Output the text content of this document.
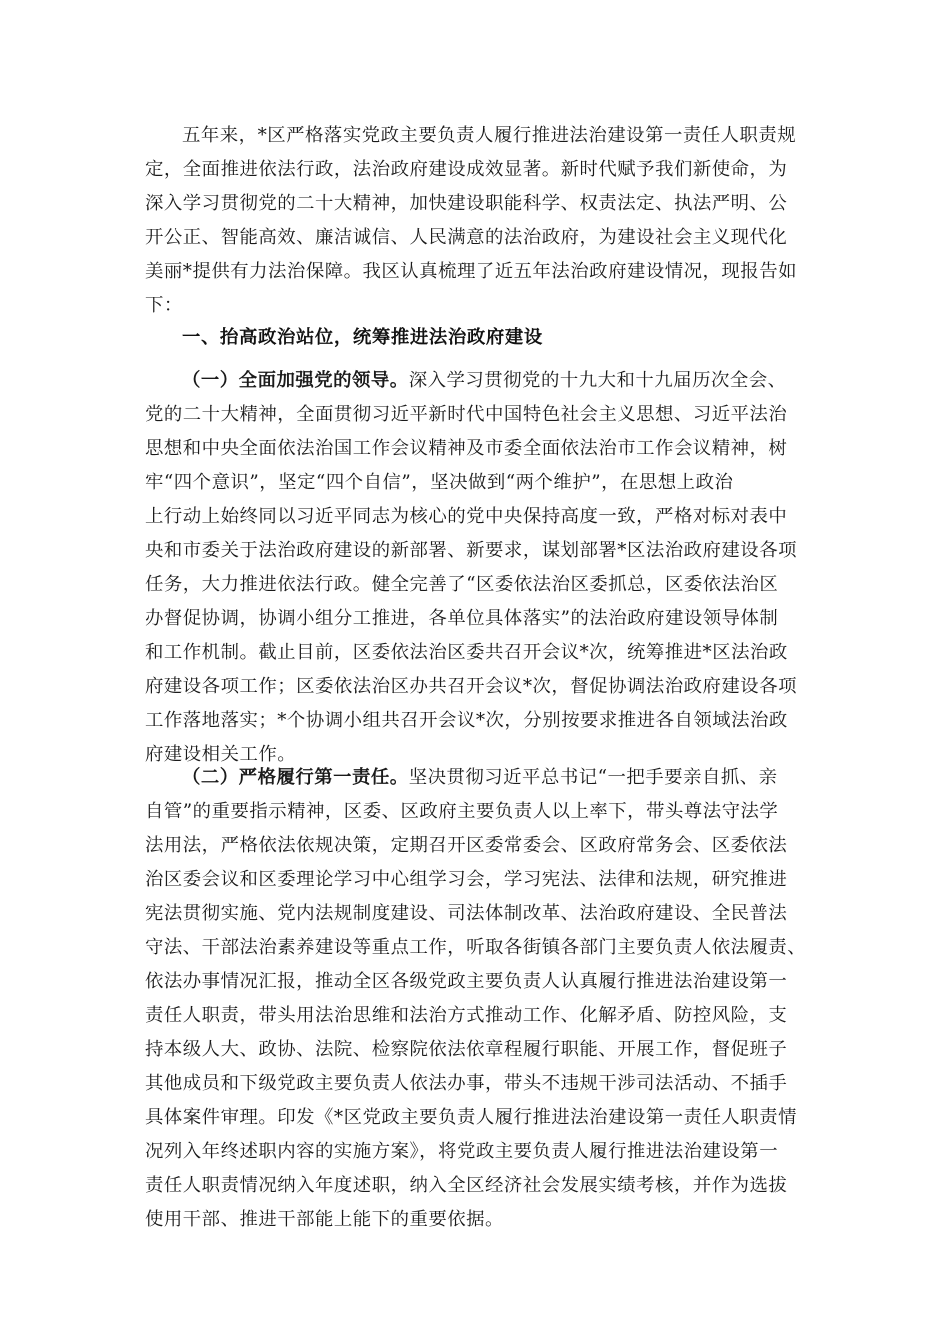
五年来，*区严格落实党政主要负责人履行推进法治建设第一责任人职责规
定，全面推进依法行政，法治政府建设成效显著。新时代赋予我们新使命，为
深入学习贯彻党的二十大精神，加快建设职能科学、权责法定、执法严明、公
开公正、智能高效、廉洁诚信、人民满意的法治政府，为建设社会主义现代化
美丽*提供有力法治保障。我区认真梳理了近五年法治政府建设情况，现报告如
下：
一、抬高政治站位，统筹推进法治政府建设
（一）全面加强党的领导。深入学习贯彻党的十九大和十九届历次全会、
党的二十大精神，全面贯彻习近平新时代中国特色社会主义思想、习近平法治
思想和中央全面依法治国工作会议精神及市委全面依法治市工作会议精神，树
牢“四个意识”，坚定“四个自信”，坚决做到“两个维护”，在思想上政治
上行动上始终同以习近平同志为核心的党中央保持高度一致，严格对标对表中
央和市委关于法治政府建设的新部署、新要求，谋划部署*区法治政府建设各项
任务，大力推进依法行政。健全完善了“区委依法治区委抓总，区委依法治区
办督促协调，协调小组分工推进，各单位具体落实”的法治政府建设领导体制
和工作机制。截止目前，区委依法治区委共召开会议*次，统筹推进*区法治政
府建设各项工作；区委依法治区办共召开会议*次，督促协调法治政府建设各项
工作落地落实；*个协调小组共召开会议*次，分别按要求推进各自领域法治政
府建设相关工作。
（二）严格履行第一责任。坚决贯彻习近平总书记“一把手要亲自抓、亲
自管”的重要指示精神，区委、区政府主要负责人以上率下，带头尊法守法学
法用法，严格依法依规决策，定期召开区委常委会、区政府常务会、区委依法
治区委会议和区委理论学习中心组学习会，学习宪法、法律和法规，研究推进
宪法贯彻实施、党内法规制度建设、司法体制改革、法治政府建设、全民普法
守法、干部法治素养建设等重点工作，听取各街镇各部门主要负责人依法履责、
依法办事情况汇报，推动全区各级党政主要负责人认真履行推进法治建设第一
责任人职责，带头用法治思维和法治方式推动工作、化解矛盾、防控风险，支
持本级人大、政协、法院、检察院依法依章程履行职能、开展工作，督促班子
其他成员和下级党政主要负责人依法办事，带头不违规干涉司法活动、不插手
具体案件审理。印发《*区党政主要负责人履行推进法治建设第一责任人职责情
况列入年终述职内容的实施方案》，将党政主要负责人履行推进法治建设第一
责任人职责情况纳入年度述职，纳入全区经济社会发展实绩考核，并作为选拔
使用干部、推进干部能上能下的重要依据。
